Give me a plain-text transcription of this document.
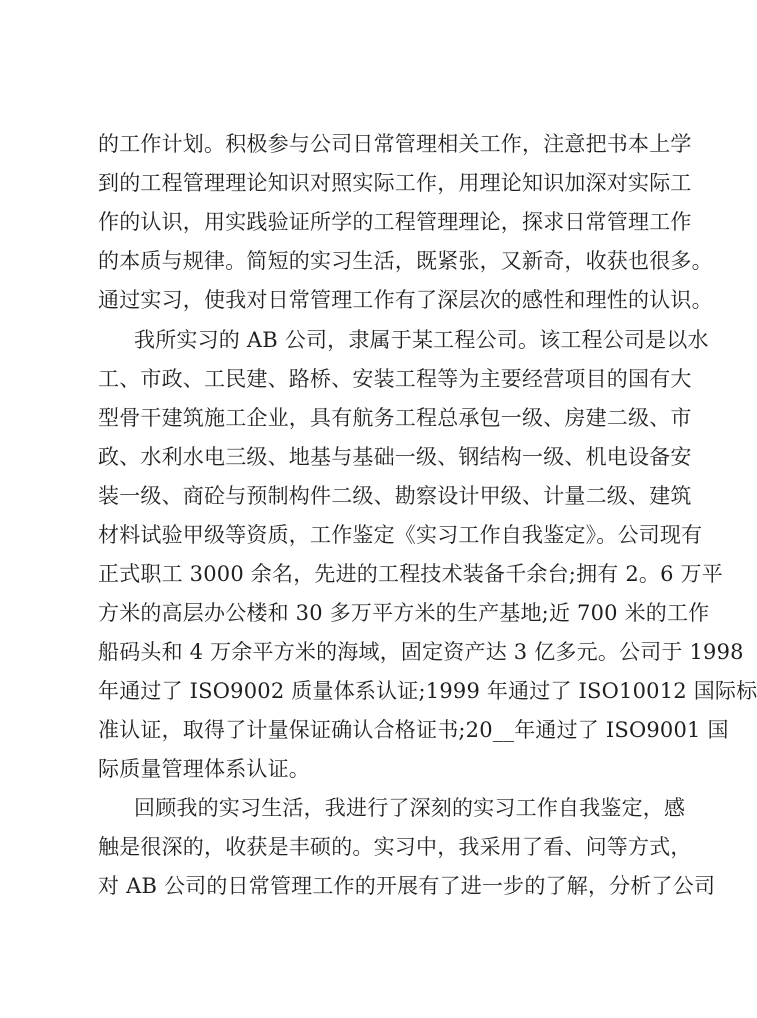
的工作计划。积极参与公司日常管理相关工作，注意把书本上学
到的工程管理理论知识对照实际工作，用理论知识加深对实际工
作的认识，用实践验证所学的工程管理理论，探求日常管理工作
的本质与规律。简短的实习生活，既紧张，又新奇，收获也很多。
通过实习，使我对日常管理工作有了深层次的感性和理性的认识。
我所实习的 AB 公司，隶属于某工程公司。该工程公司是以水
工、市政、工民建、路桥、安装工程等为主要经营项目的国有大
型骨干建筑施工企业，具有航务工程总承包一级、房建二级、市
政、水利水电三级、地基与基础一级、钢结构一级、机电设备安
装一级、商砼与预制构件二级、勘察设计甲级、计量二级、建筑
材料试验甲级等资质，工作鉴定《实习工作自我鉴定》。公司现有
正式职工 3000 余名，先进的工程技术装备千余台;拥有 2。6 万平
方米的高层办公楼和 30 多万平方米的生产基地;近 700 米的工作
船码头和 4 万余平方米的海域，固定资产达 3 亿多元。公司于 1998
年通过了 ISO9002 质量体系认证;1999 年通过了 ISO10012 国际标
准认证，取得了计量保证确认合格证书;20__年通过了 ISO9001 国
际质量管理体系认证。
回顾我的实习生活，我进行了深刻的实习工作自我鉴定，感
触是很深的，收获是丰硕的。实习中，我采用了看、问等方式，
对 AB 公司的日常管理工作的开展有了进一步的了解，分析了公司
